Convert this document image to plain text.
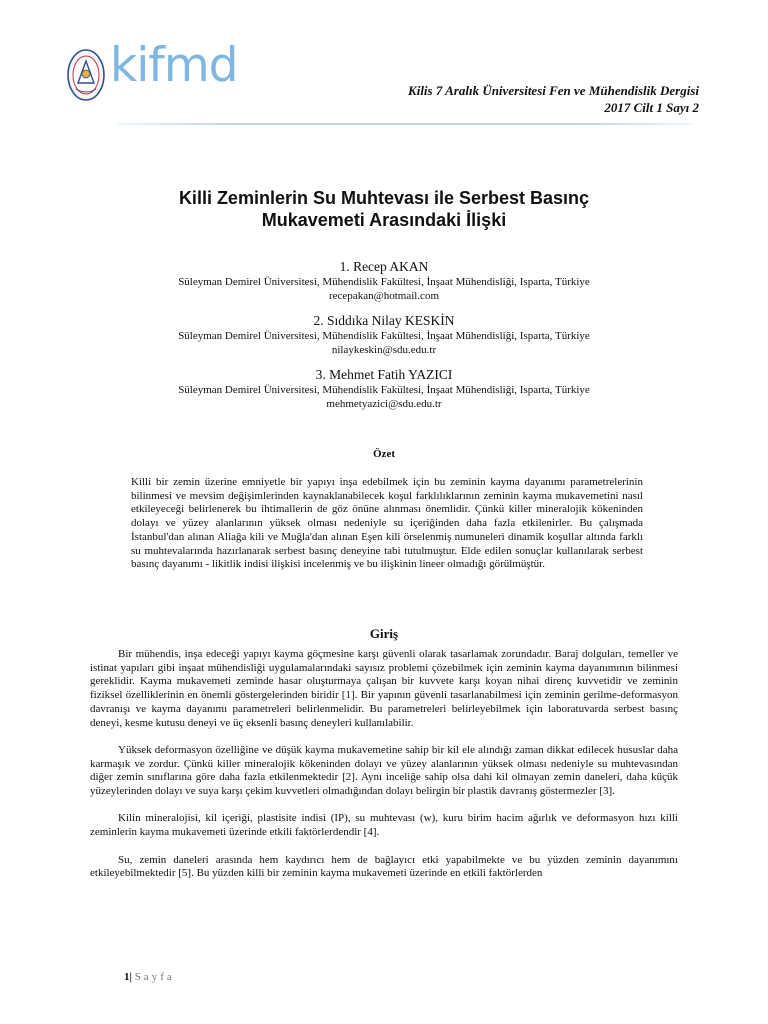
kifmd	Kilis 7 Aralık Üniversitesi Fen ve Mühendislik Dergisi
2017 Cilt 1 Sayı 2
Killi Zeminlerin Su Muhtevası ile Serbest Basınç
Mukavemeti Arasındaki İlişki
1. Recep AKAN
Süleyman Demirel Üniversitesi, Mühendislik Fakültesi, İnşaat Mühendisliği, Isparta, Türkiye
recepakan@hotmail.com
2. Sıddıka Nilay KESKİN
Süleyman Demirel Üniversitesi, Mühendislik Fakültesi, İnşaat Mühendisliği, Isparta, Türkiye
nilaykeskin@sdu.edu.tr
3. Mehmet Fatih YAZICI
Süleyman Demirel Üniversitesi, Mühendislik Fakültesi, İnşaat Mühendisliği, Isparta, Türkiye
mehmetyazici@sdu.edu.tr
Özet
Killi bir zemin üzerine emniyetle bir yapıyı inşa edebilmek için bu zeminin kayma dayanımı parametrelerinin bilinmesi ve mevsim değişimlerinden kaynaklanabilecek koşul farklılıklarının zeminin kayma mukavemetini nasıl etkileyeceği belirlenerek bu ihtimallerin de göz önüne alınması önemlidir. Çünkü killer mineralojik kökeninden dolayı ve yüzey alanlarının yüksek olması nedeniyle su içeriğinden daha fazla etkilenirler. Bu çalışmada İstanbul'dan alınan Aliağa kili ve Muğla'dan alınan Eşen kili örselenmiş numuneleri dinamik koşullar altında farklı su muhtevalarında hazırlanarak serbest basınç deneyine tabi tutulmuştur. Elde edilen sonuçlar kullanılarak serbest basınç dayanımı - likitlik indisi ilişkisi incelenmiş ve bu ilişkinin lineer olmadığı görülmüştür.
Giriş

Bir mühendis, inşa edeceği yapıyı kayma göçmesine karşı güvenli olarak tasarlamak zorundadır. Baraj dolguları, temeller ve istinat yapıları gibi inşaat mühendisliği uygulamalarındaki sayısız problemi çözebilmek için zeminin kayma dayanımının bilinmesi gereklidir. Kayma mukavemeti zeminde hasar oluşturmaya çalışan bir kuvvete karşı koyan nihai direnç kuvvetidir ve zeminin fiziksel özelliklerinin en önemli göstergelerinden biridir [1]. Bir yapının güvenli tasarlanabilmesi için zeminin gerilme-deformasyon davranışı ve kayma dayanımı parametreleri belirlenmelidir. Bu parametreleri belirleyebilmek için laboratuvarda serbest basınç deneyi, kesme kutusu deneyi ve üç eksenli basınç deneyleri kullanılabilir.

Yüksek deformasyon özelliğine ve düşük kayma mukavemetine sahip bir kil ele alındığı zaman dikkat edilecek hususlar daha karmaşık ve zordur. Çünkü killer mineralojik kökeninden dolayı ve yüzey alanlarının yüksek olması nedeniyle su muhtevasından diğer zemin sınıflarına göre daha fazla etkilenmektedir [2]. Aynı inceliğe sahip olsa dahi kil olmayan zemin daneleri, daha küçük yüzeylerinden dolayı ve suya karşı çekim kuvvetleri olmadığından dolayı belirgin bir plastik davranış göstermezler [3].

Kilin mineralojisi, kil içeriği, plastisite indisi (IP), su muhtevası (w), kuru birim hacim ağırlık ve deformasyon hızı killi zeminlerin kayma mukavemeti üzerinde etkili faktörlerdendir [4].

Su, zemin daneleri arasında hem kaydırıcı hem de bağlayıcı etki yapabilmekte ve bu yüzden zeminin dayanımını etkileyebilmektedir [5]. Bu yüzden killi bir zeminin kayma mukavemeti üzerinde en etkili faktörlerden

1| Sayfa
